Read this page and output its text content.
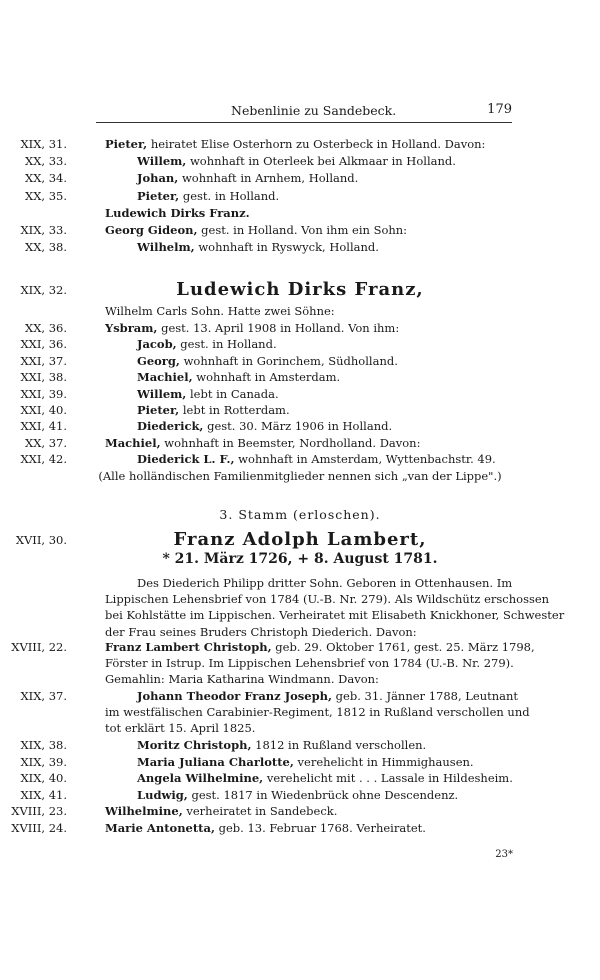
Nebenlinie zu Sandebeck.	179
XIX, 31.	Pieter, heiratet Elise Osterhorn zu Osterbeck in Holland. Davon:
XX, 33.	Willem, wohnhaft in Oterleek bei Alkmaar in Holland.
XX, 34.	Johan, wohnhaft in Arnhem, Holland.
XX, 35.	Pieter, gest. in Holland.
Ludewich Dirks Franz.
XIX, 33.	Georg Gideon, gest. in Holland. Von ihm ein Sohn:
XX, 38.	Wilhelm, wohnhaft in Ryswyck, Holland.
XIX, 32.	Ludewich Dirks Franz,
Wilhelm Carls Sohn. Hatte zwei Söhne:
XX, 36.	Ysbram, gest. 13. April 1908 in Holland. Von ihm:
XXI, 36.	Jacob, gest. in Holland.
XXI, 37.	Georg, wohnhaft in Gorinchem, Südholland.
XXI, 38.	Machiel, wohnhaft in Amsterdam.
XXI, 39.	Willem, lebt in Canada.
XXI, 40.	Pieter, lebt in Rotterdam.
XXI, 41.	Diederick, gest. 30. März 1906 in Holland.
XX, 37.	Machiel, wohnhaft in Beemster, Nordholland. Davon:
XXI, 42.	Diederick L. F., wohnhaft in Amsterdam, Wyttenbachstr. 49.
(Alle holländischen Familienmitglieder nennen sich „van der Lippe".)
3. Stamm (erloschen).
XVII, 30.	Franz Adolph Lambert,
* 21. März 1726, + 8. August 1781.
Des Diederich Philipp dritter Sohn. Geboren in Ottenhausen. Im
Lippischen Lehensbrief von 1784 (U.-B. Nr. 279). Als Wildschütz erschossen
bei Kohlstätte im Lippischen. Verheiratet mit Elisabeth Knickhoner, Schwester
der Frau seines Bruders Christoph Diederich. Davon:
XVIII, 22.	Franz Lambert Christoph, geb. 29. Oktober 1761, gest. 25. März 1798,
Förster in Istrup. Im Lippischen Lehensbrief von 1784 (U.-B. Nr. 279).
Gemahlin: Maria Katharina Windmann. Davon:
XIX, 37.	Johann Theodor Franz Joseph, geb. 31. Jänner 1788, Leutnant
im westfälischen Carabinier-Regiment, 1812 in Rußland verschollen und
tot erklärt 15. April 1825.
XIX, 38.	Moritz Christoph, 1812 in Rußland verschollen.
XIX, 39.	Maria Juliana Charlotte, verehelicht in Himmighausen.
XIX, 40.	Angela Wilhelmine, verehelicht mit . . . Lassale in Hildesheim.
XIX, 41.	Ludwig, gest. 1817 in Wiedenbrück ohne Descendenz.
XVIII, 23.	Wilhelmine, verheiratet in Sandebeck.
XVIII, 24.	Marie Antonetta, geb. 13. Februar 1768. Verheiratet.
23*
